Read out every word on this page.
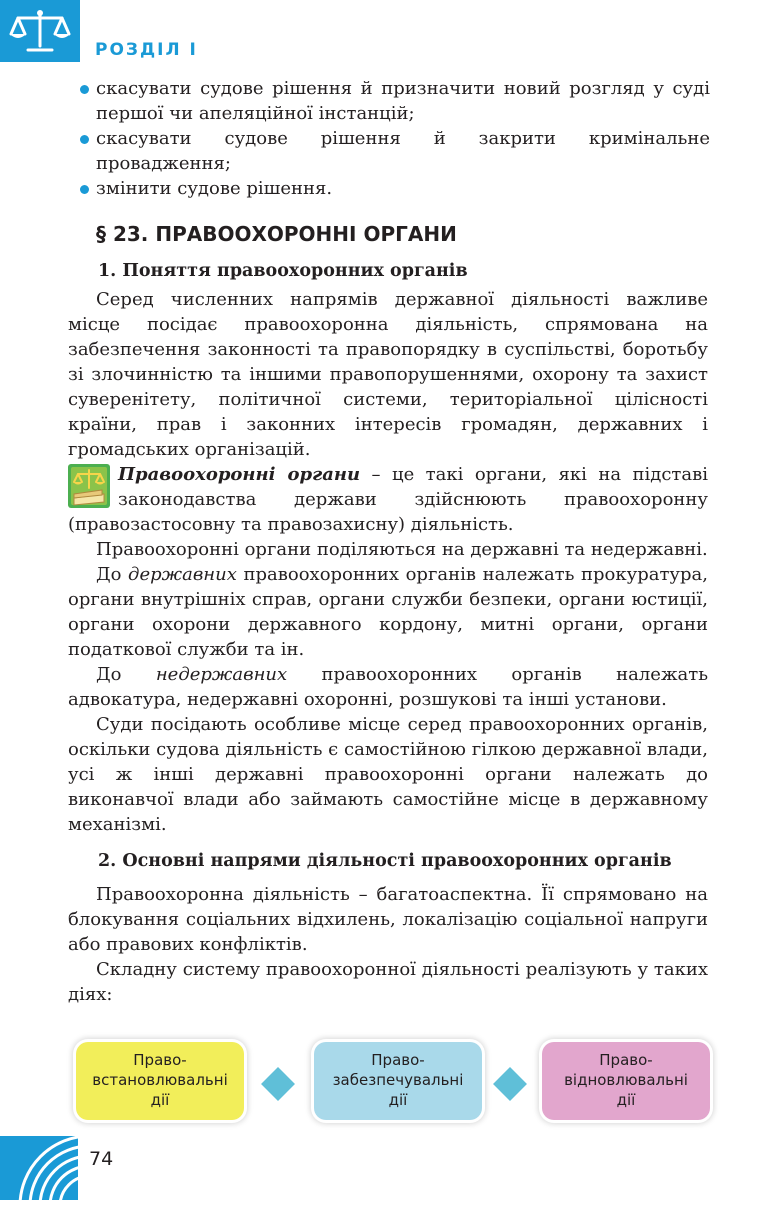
РОЗДІЛ І
скасувати судове рішення й призначити новий розгляд у суді першої чи апеляційної інстанцій;
скасувати судове рішення й закрити кримінальне провадження;
змінити судове рішення.
§ 23. ПРАВООХОРОННІ ОРГАНИ
1. Поняття правоохоронних органів

Серед численних напрямів державної діяльності важливе місце посідає правоохоронна діяльність, спрямована на забезпечення законності та правопорядку в суспільстві, боротьбу зі злочинністю та іншими правопорушеннями, охорону та захист суверенітету, політичної системи, територіальної цілісності країни, прав і законних інтересів громадян, державних і громадських організацій.

Правоохоронні органи – це такі органи, які на підставі законодавства держави здійснюють правоохоронну (правозастосовну та правозахисну) діяльність.

Правоохоронні органи поділяються на державні та недержавні.

До державних правоохоронних органів належать прокуратура, органи внутрішніх справ, органи служби безпеки, органи юстиції, органи охорони державного кордону, митні органи, органи податкової служби та ін.

До недержавних правоохоронних органів належать адвокатура, недержавні охоронні, розшукові та інші установи.

Суди посідають особливе місце серед правоохоронних органів, оскільки судова діяльність є самостійною гілкою державної влади, усі ж інші державні правоохоронні органи належать до виконавчої влади або займають самостійне місце в державному механізмі.

2. Основні напрями діяльності правоохоронних органів

Правоохоронна діяльність – багатоаспектна. Її спрямовано на блокування соціальних відхилень, локалізацію соціальної напруги або правових конфліктів.

Складну систему правоохоронної діяльності реалізують у таких діях:

Право-
встановлювальні
дії
Право-
забезпечувальні
дії
Право-
відновлювальні
дії
74
